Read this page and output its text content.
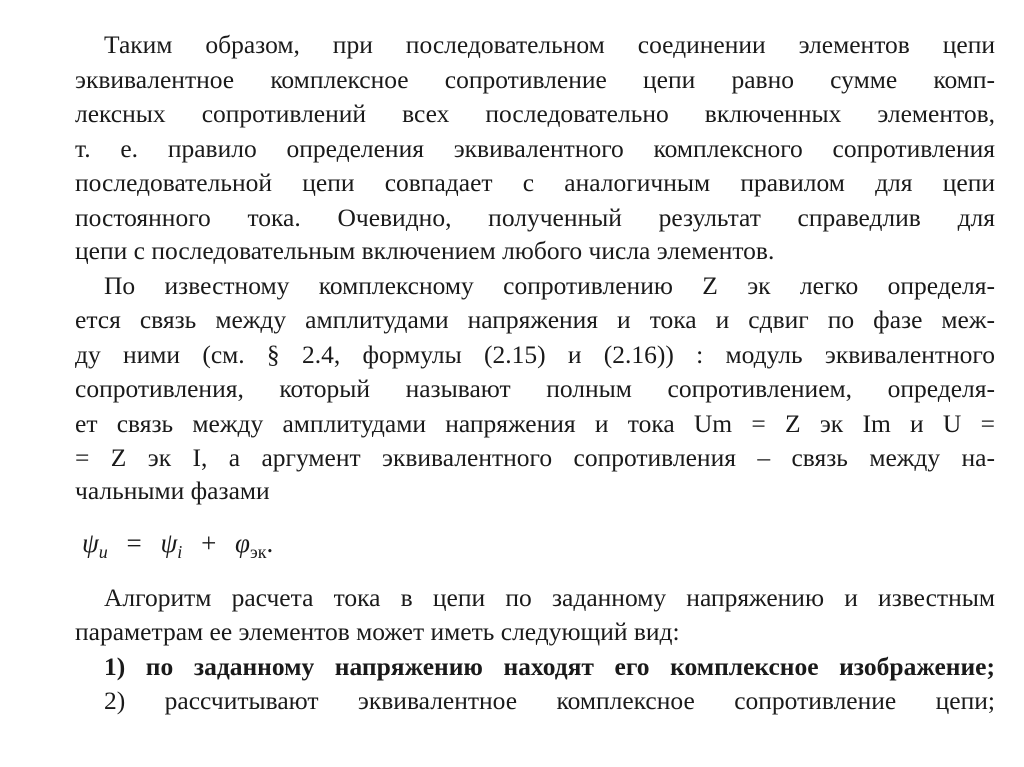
Таким образом, при последовательном соединении элементов цепи
эквивалентное комплексное сопротивление цепи равно сумме комп-
лексных сопротивлений всех последовательно включенных элементов,
т. е. правило определения эквивалентного комплексного сопротивления
последовательной цепи совпадает с аналогичным правилом для цепи
постоянного тока. Очевидно, полученный результат справедлив для
цепи с последовательным включением любого числа элементов.
По известному комплексному сопротивлению Z эк легко определя-
ется связь между амплитудами напряжения и тока и сдвиг по фазе меж-
ду ними (см. § 2.4, формулы (2.15) и (2.16)) : модуль эквивалентного
сопротивления, который называют полным сопротивлением, определя-
ет связь между амплитудами напряжения и тока Um = Z эк Im и U =
= Z эк I, а аргумент эквивалентного сопротивления – связь между на-
чальными фазами
$\psi_u = \psi_i + \varphi_{эк}$.
Алгоритм расчета тока в цепи по заданному напряжению и известным
параметрам ее элементов может иметь следующий вид:
1) по заданному напряжению находят его комплексное изображение;
2) рассчитывают эквивалентное комплексное сопротивление цепи;
